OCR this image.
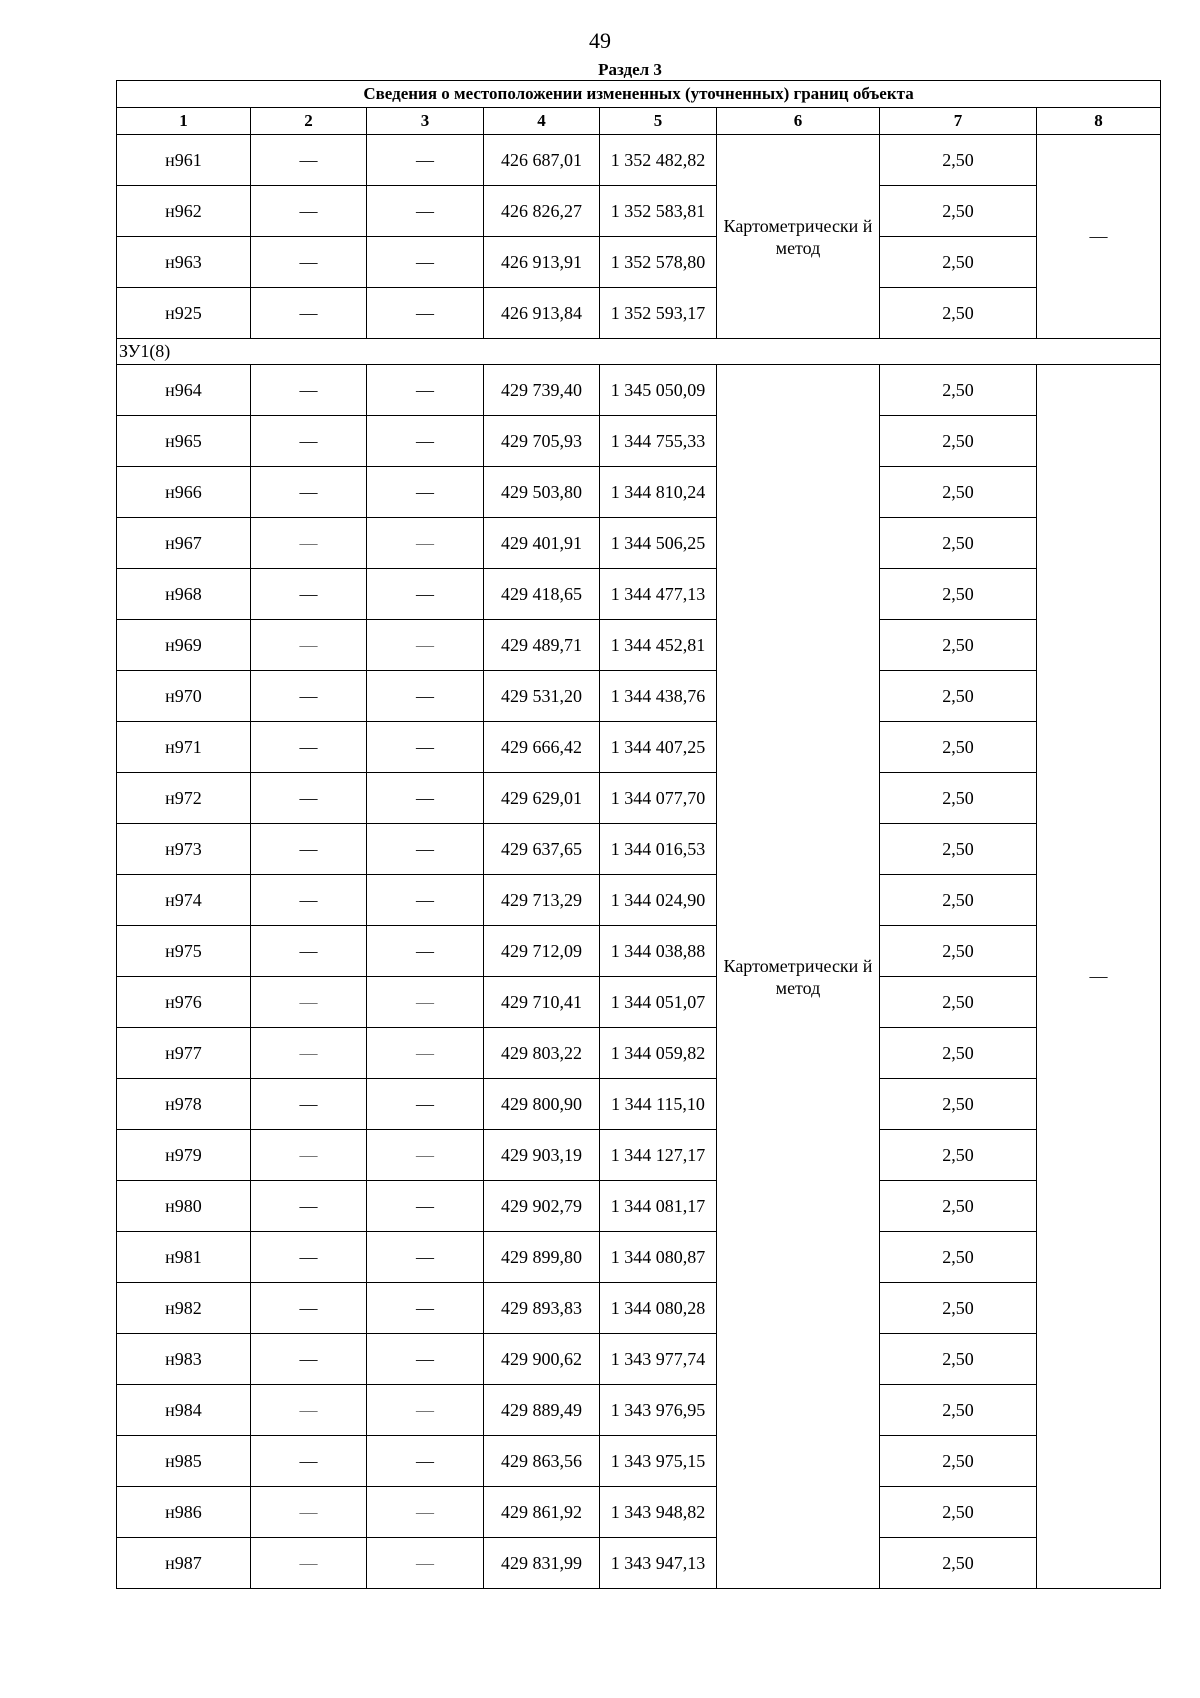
49
Раздел 3
Сведения о местоположении измененных (уточненных) границ объекта							
1	2	3	4	5	6	7	8
н961	—	—	426 687,01	1 352 482,82	Картометрически й метод	2,50	—
н962	—	—	426 826,27	1 352 583,81		2,50	
н963	—	—	426 913,91	1 352 578,80		2,50	
н925	—	—	426 913,84	1 352 593,17		2,50	
ЗУ1(8)							
н964	—	—	429 739,40	1 345 050,09	Картометрически й метод	2,50	—
н965	—	—	429 705,93	1 344 755,33		2,50	
н966	—	—	429 503,80	1 344 810,24		2,50	
н967	—	—	429 401,91	1 344 506,25		2,50	
н968	—	—	429 418,65	1 344 477,13		2,50	
н969	—	—	429 489,71	1 344 452,81		2,50	
н970	—	—	429 531,20	1 344 438,76		2,50	
н971	—	—	429 666,42	1 344 407,25		2,50	
н972	—	—	429 629,01	1 344 077,70		2,50	
н973	—	—	429 637,65	1 344 016,53		2,50	
н974	—	—	429 713,29	1 344 024,90		2,50	
н975	—	—	429 712,09	1 344 038,88		2,50	
н976	—	—	429 710,41	1 344 051,07		2,50	
н977	—	—	429 803,22	1 344 059,82		2,50	
н978	—	—	429 800,90	1 344 115,10		2,50	
н979	—	—	429 903,19	1 344 127,17		2,50	
н980	—	—	429 902,79	1 344 081,17		2,50	
н981	—	—	429 899,80	1 344 080,87		2,50	
н982	—	—	429 893,83	1 344 080,28		2,50	
н983	—	—	429 900,62	1 343 977,74		2,50	
н984	—	—	429 889,49	1 343 976,95		2,50	
н985	—	—	429 863,56	1 343 975,15		2,50	
н986	—	—	429 861,92	1 343 948,82		2,50	
н987	—	—	429 831,99	1 343 947,13		2,50	
